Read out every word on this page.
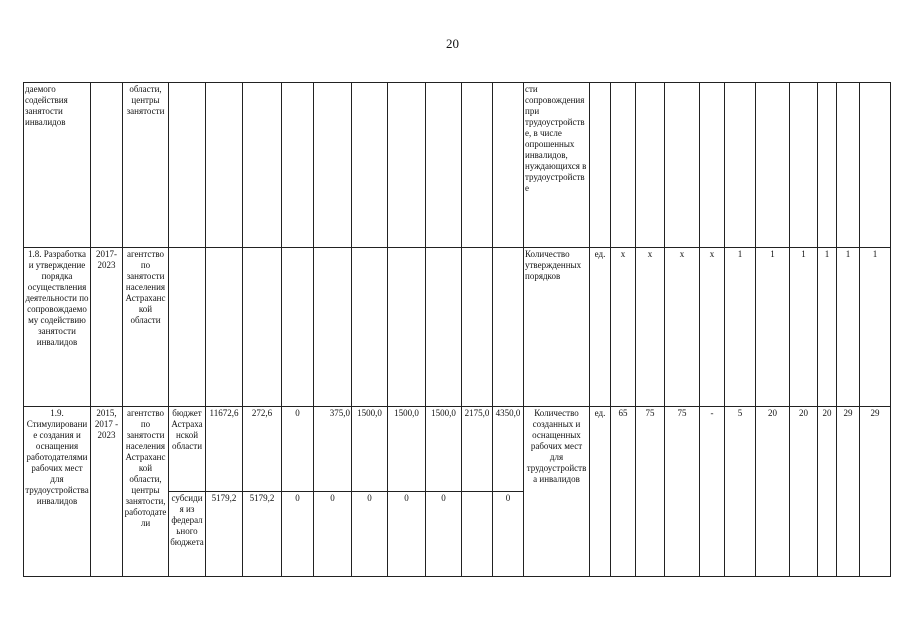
20
даемого содействия занятости инвалидов		области, центры занятости											сти сопровождения при трудоустройстве, в числе опрошенных инвалидов, нуждающихся в трудоустройстве											
1.8. Разработка и утверждение порядка осуществления деятельности по сопровождаемому содействию занятости инвалидов	2017-2023	агентство по занятости населения Астраханской области											Количество утвержденных порядков	ед.	х	х	х	х	1	1	1	1	1	1
1.9. Стимулирование создания и оснащения работодателями рабочих мест для трудоустройства инвалидов	2015, 2017 - 2023	агентство по занятости населения Астраханской области, центры занятости, работодатели	бюджет Астраханской области	11672,6	272,6	0	375,0	1500,0	1500,0	1500,0	2175,0	4350,0	Количество созданных и оснащенных рабочих мест для трудоустройства инвалидов	ед.	65	75	75	-	5	20	20	20	29	29
			субсидия из федерального бюджета	5179,2	5179,2	0	0	0	0	0		0												
